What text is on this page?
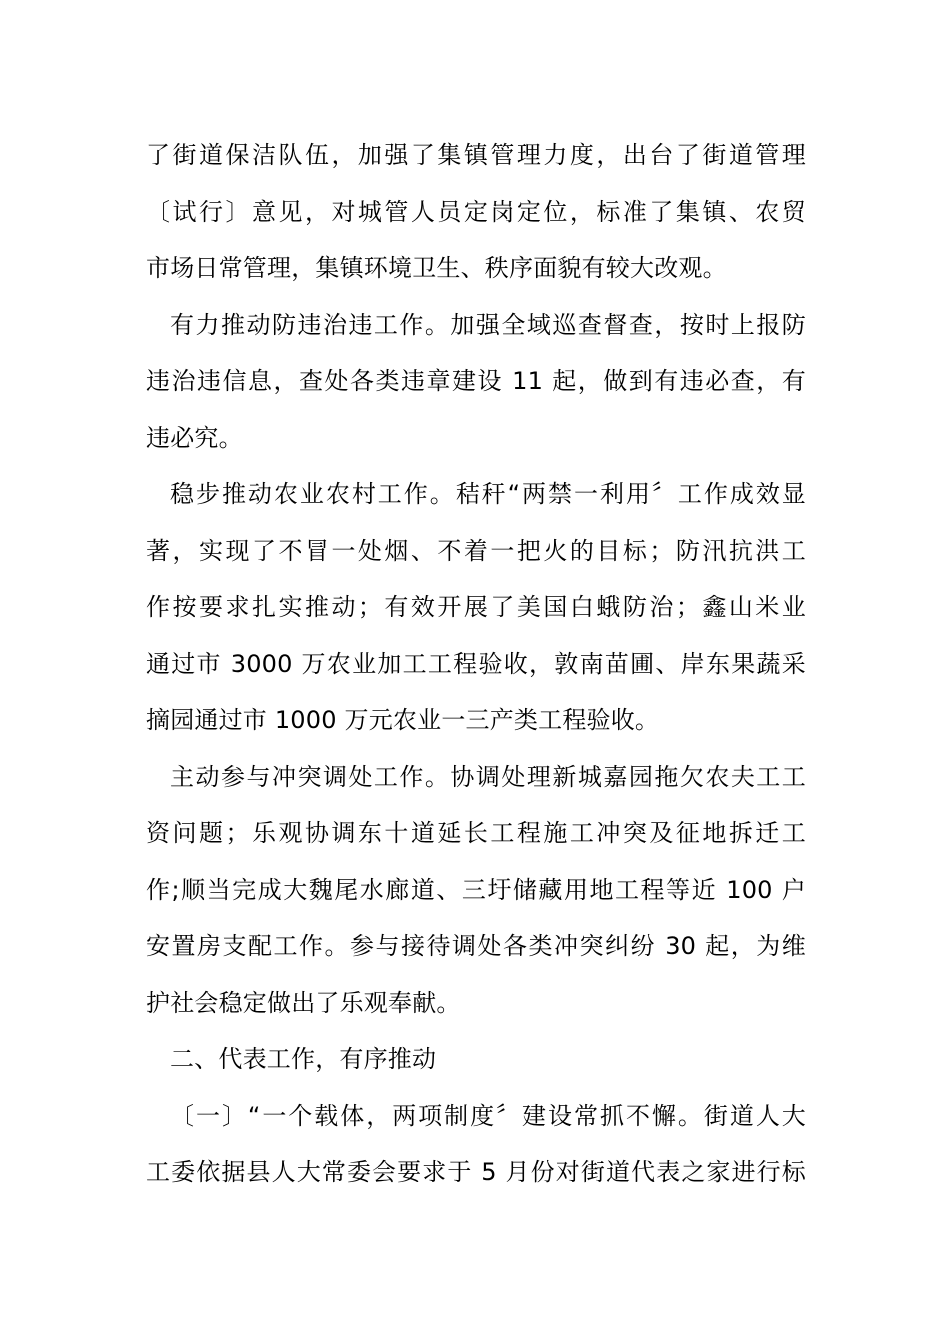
了街道保洁队伍，加强了集镇管理力度，出台了街道管理
〔试行〕意见，对城管人员定岗定位，标准了集镇、农贸
市场日常管理，集镇环境卫生、秩序面貌有较大改观。
有力推动防违治违工作。加强全域巡查督查，按时上报防
违治违信息，查处各类违章建设 11 起，做到有违必查，有
违必究。
稳步推动农业农村工作。秸秆“两禁一利用〞工作成效显
著，实现了不冒一处烟、不着一把火的目标；防汛抗洪工
作按要求扎实推动；有效开展了美国白蛾防治；鑫山米业
通过市 3000 万农业加工工程验收，敦南苗圃、岸东果蔬采
摘园通过市 1000 万元农业一三产类工程验收。
主动参与冲突调处工作。协调处理新城嘉园拖欠农夫工工
资问题；乐观协调东十道延长工程施工冲突及征地拆迁工
作;顺当完成大魏尾水廊道、三圩储藏用地工程等近 100 户
安置房支配工作。参与接待调处各类冲突纠纷 30 起，为维
护社会稳定做出了乐观奉献。
二、代表工作，有序推动
〔一〕“一个载体，两项制度〞建设常抓不懈。街道人大
工委依据县人大常委会要求于 5 月份对街道代表之家进行标
